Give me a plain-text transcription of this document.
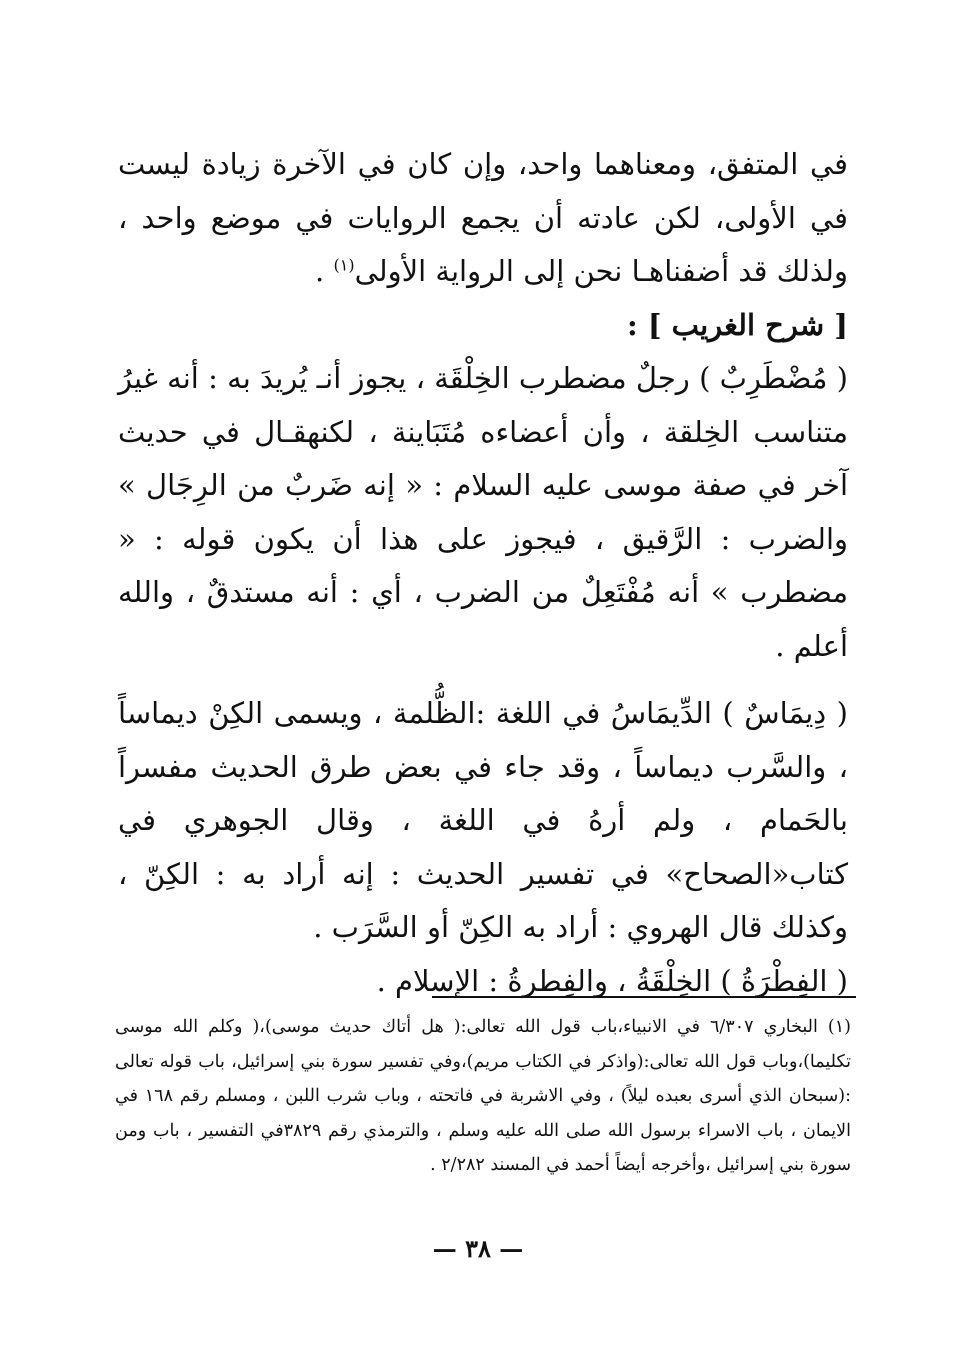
في المتفق، ومعناهما واحد، وإن كان في الآخرة زيادة ليست في الأولى، لكن عادته أن يجمع الروايات في موضع واحد ، ولذلك قد أضفناهـا نحن إلى الرواية الأولى$^{(١)}$ .

[ شرح الغريب ] :

( مُضْطَرِبٌ ) رجلٌ مضطرب الخِلْقَة ، يجوز أنـ يُريدَ به : أنه غيرُ متناسب الخِلقة ، وأن أعضاءه مُتَبَاينة ، لكنهقـال في حديث آخر في صفة موسى عليه السلام : « إنه ضَربٌ من الرِجَال » والضرب : الرَّقيق ، فيجوز على هذا أن يكون قوله : « مضطرب » أنه مُفْتَعِلٌ من الضرب ، أي : أنه مستدقٌ ، والله أعلم .

( دِيمَاسٌ ) الدِّيمَاسُ في اللغة :الظُّلمة ، ويسمى الكِنْ ديماساً ، والسَّرب ديماساً ، وقد جاء في بعض طرق الحديث مفسراً بالحَمام ، ولم أرهُ في اللغة ، وقال الجوهري في كتاب«الصحاح» في تفسير الحديث : إنه أراد به : الكِنّ ، وكذلك قال الهروي : أراد به الكِنّ أو السَّرَب .

( الفِطْرَةُ ) الخِلْقَةُ ، والفِطرةُ : الإسلام .

(١) البخاري ٦/٣٠٧ في الانبياء،باب قول الله تعالى:( هل أتاك حديث موسى)،( وكلم الله موسى تكليما)،وباب قول الله تعالى:(واذكر في الكتاب مريم)،وفي تفسير سورة بني إسرائيل، باب قوله تعالى :(سبحان الذي أسرى بعبده ليلاً) ، وفي الاشربة في فاتحته ، وباب شرب اللبن ، ومسلم رقم ١٦٨ في الايمان ، باب الاسراء برسول الله صلى الله عليه وسلم ، والترمذي رقم ٣٨٢٩في التفسير ، باب ومن سورة بني إسرائيل ،وأخرجه أيضاً أحمد في المسند ٢/٢٨٢ .

— ٣٨ —
